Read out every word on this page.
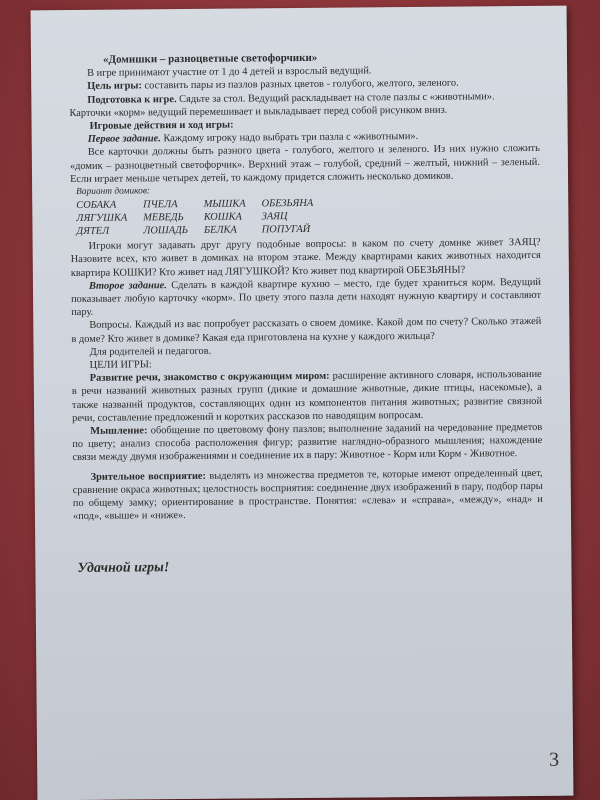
«Домишки – разноцветные светофорчики»

В игре принимают участие от 1 до 4 детей и взрослый ведущий.

Цель игры: составить пары из пазлов разных цветов - голубого, желтого, зеленого.

Подготовка к игре. Сядьте за стол. Ведущий раскладывает на столе пазлы с «животными».

Карточки «корм» ведущий перемешивает и выкладывает перед собой рисунком вниз.

Игровые действия и ход игры:

Первое задание. Каждому игроку надо выбрать три пазла с «животными».

Все карточки должны быть разного цвета - голубого, желтого и зеленого. Из них нужно сложить «домик – разноцветный светофорчик». Верхний этаж – голубой, средний – желтый, нижний – зеленый. Если играет меньше четырех детей, то каждому придется сложить несколько домиков.

Вариант домиков:

СОБАКА	ПЧЕЛА	МЫШКА	ОБЕЗЬЯНА
ЛЯГУШКА	МЕВЕДЬ	КОШКА	ЗАЯЦ
ДЯТЕЛ	ЛОШАДЬ	БЕЛКА	ПОПУГАЙ

Игроки могут задавать друг другу подобные вопросы: в каком по счету домике живет ЗАЯЦ? Назовите всех, кто живет в домиках на втором этаже. Между квартирами каких животных находится квартира КОШКИ? Кто живет над ЛЯГУШКОЙ? Кто живет под квартирой ОБЕЗЬЯНЫ?

Второе задание. Сделать в каждой квартире кухню – место, где будет храниться корм. Ведущий показывает любую карточку «корм». По цвету этого пазла дети находят нужную квартиру и составляют пару.

Вопросы. Каждый из вас попробует рассказать о своем домике. Какой дом по счету? Сколько этажей в доме? Кто живет в домике? Какая еда приготовлена на кухне у каждого жильца?

Для родителей и педагогов.

ЦЕЛИ ИГРЫ:

Развитие речи, знакомство с окружающим миром: расширение активного словаря, использование в речи названий животных разных групп (дикие и домашние животные, дикие птицы, насекомые), а также названий продуктов, составляющих один из компонентов питания животных; развитие связной речи, составление предложений и коротких рассказов по наводящим вопросам.

Мышление: обобщение по цветовому фону пазлов; выполнение заданий на чередование предметов по цвету; анализ способа расположения фигур; развитие наглядно-образного мышления; нахождение связи между двумя изображениями и соединение их в пару: Животное - Корм или Корм - Животное.

Зрительное восприятие: выделять из множества предметов те, которые имеют определенный цвет, сравнение окраса животных; целостность восприятия: соединение двух изображений в пару, подбор пары по общему замку; ориентирование в пространстве. Понятия: «слева» и «справа», «между», «над» и «под», «выше» и «ниже».

Удачной игры!

3
